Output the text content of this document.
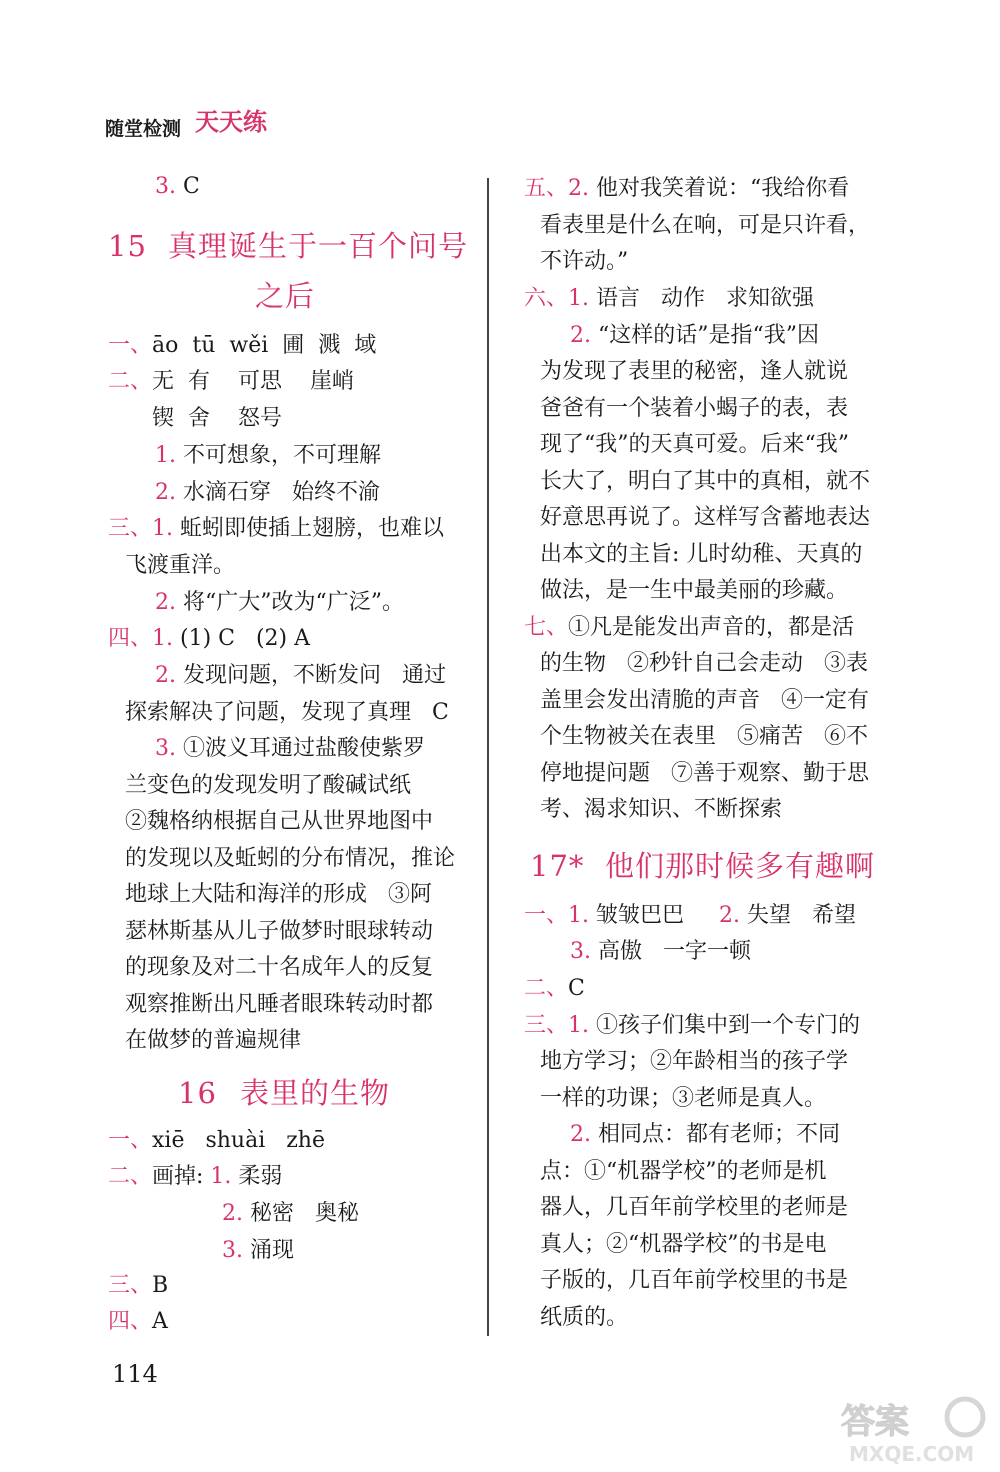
随堂检测 天天练
3. C
15 真理诞生于一百个问号
之后
一、āo  tū  wěi  圃  溅  域
二、无  有    可思    崖峭
锲  舍    怒号
1. 不可想象，不可理解
2. 水滴石穿   始终不渝
三、1. 蚯蚓即使插上翅膀，也难以
飞渡重洋。
2. 将“广大”改为“广泛”。
四、1. (1) C   (2) A
2. 发现问题，不断发问   通过
探索解决了问题，发现了真理   C
3. ①波义耳通过盐酸使紫罗
兰变色的发现发明了酸碱试纸
②魏格纳根据自己从世界地图中
的发现以及蚯蚓的分布情况，推论
地球上大陆和海洋的形成   ③阿
瑟林斯基从儿子做梦时眼球转动
的现象及对二十名成年人的反复
观察推断出凡睡者眼珠转动时都
在做梦的普遍规律
16 表里的生物
一、xiē   shuài   zhē
二、画掉: 1. 柔弱
2. 秘密   奥秘
3. 涌现
三、B
四、A
五、2. 他对我笑着说：“我给你看
看表里是什么在响，可是只许看，
不许动。”
六、1. 语言   动作   求知欲强
2. “这样的话”是指“我”因
为发现了表里的秘密，逢人就说
爸爸有一个装着小蝎子的表，表
现了“我”的天真可爱。后来“我”
长大了，明白了其中的真相，就不
好意思再说了。这样写含蓄地表达
出本文的主旨: 儿时幼稚、天真的
做法，是一生中最美丽的珍藏。
七、①凡是能发出声音的，都是活
的生物   ②秒针自己会走动   ③表
盖里会发出清脆的声音   ④一定有
个生物被关在表里   ⑤痛苦   ⑥不
停地提问题   ⑦善于观察、勤于思
考、渴求知识、不断探索
17* 他们那时候多有趣啊
一、1. 皱皱巴巴     2. 失望   希望
3. 高傲   一字一顿
二、C
三、1. ①孩子们集中到一个专门的
地方学习；②年龄相当的孩子学
一样的功课；③老师是真人。
2. 相同点：都有老师；不同
点：①“机器学校”的老师是机
器人，几百年前学校里的老师是
真人；②“机器学校”的书是电
子版的，几百年前学校里的书是
纸质的。
114
答案
MXQE.COM
